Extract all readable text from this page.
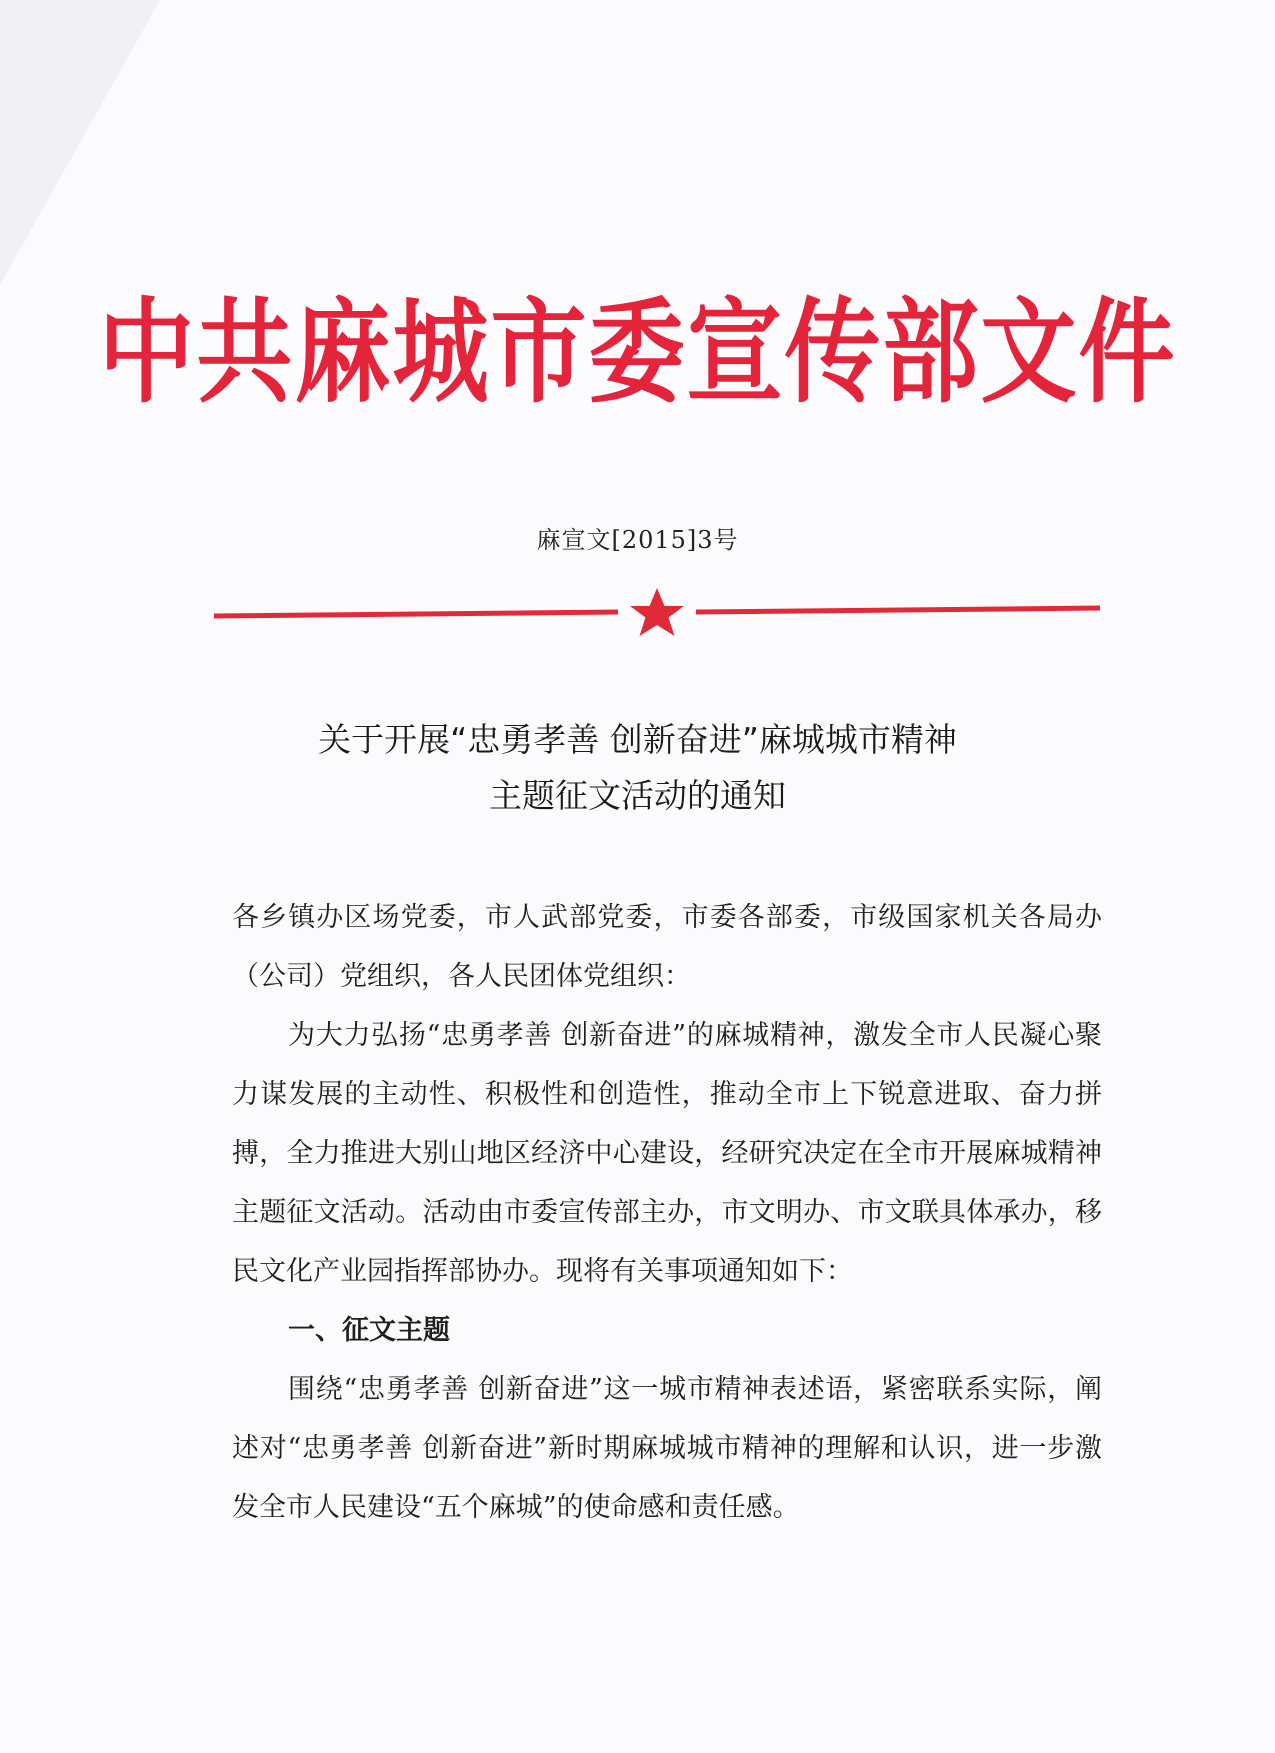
中共麻城市委宣传部文件
麻宣文[2015]3号
关于开展“忠勇孝善 创新奋进”麻城城市精神
主题征文活动的通知

各乡镇办区场党委，市人武部党委，市委各部委，市级国家机关各局办（公司）党组织，各人民团体党组织：

为大力弘扬“忠勇孝善 创新奋进”的麻城精神，激发全市人民凝心聚力谋发展的主动性、积极性和创造性，推动全市上下锐意进取、奋力拼搏，全力推进大别山地区经济中心建设，经研究决定在全市开展麻城精神主题征文活动。活动由市委宣传部主办，市文明办、市文联具体承办，移民文化产业园指挥部协办。现将有关事项通知如下：

一、征文主题

围绕“忠勇孝善 创新奋进”这一城市精神表述语，紧密联系实际，阐述对“忠勇孝善 创新奋进”新时期麻城城市精神的理解和认识，进一步激发全市人民建设“五个麻城”的使命感和责任感。
